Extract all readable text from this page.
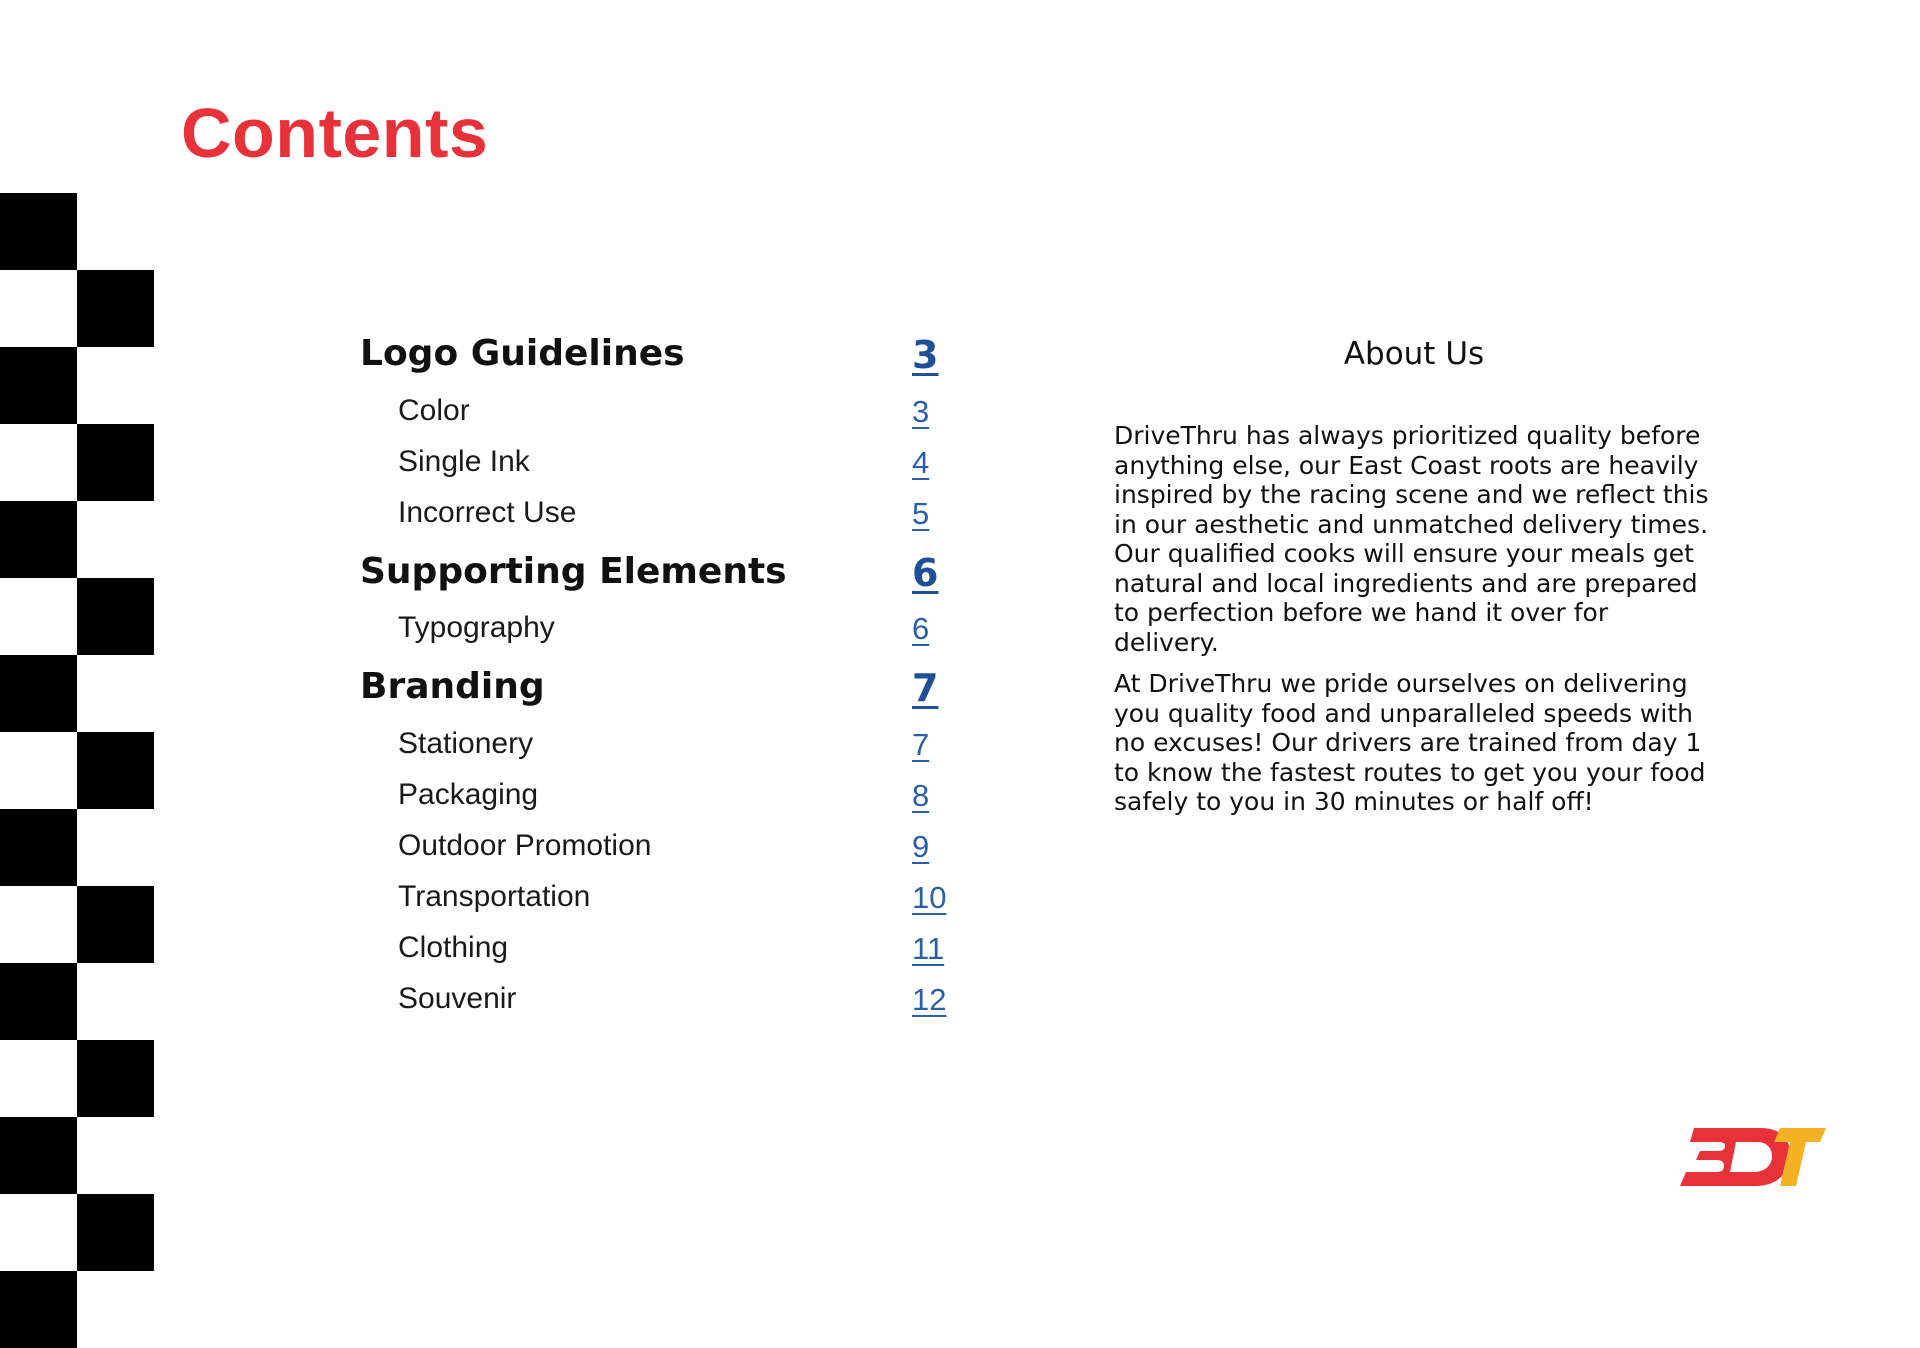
Contents
Logo Guidelines	3
Color	3
Single Ink	4
Incorrect Use	5
Supporting Elements	6
Typography	6
Branding	7
Stationery	7
Packaging	8
Outdoor Promotion	9
Transportation	10
Clothing	11
Souvenir	12
About Us

DriveThru has always prioritized quality before anything else, our East Coast roots are heavily inspired by the racing scene and we reflect this in our aesthetic and unmatched delivery times. Our qualified cooks will ensure your meals get natural and local ingredients and are prepared to perfection before we hand it over for delivery.

At DriveThru we pride ourselves on delivering you quality food and unparalleled speeds with no excuses! Our drivers are trained from day 1 to know the fastest routes to get you your food safely to you in 30 minutes or half off!
